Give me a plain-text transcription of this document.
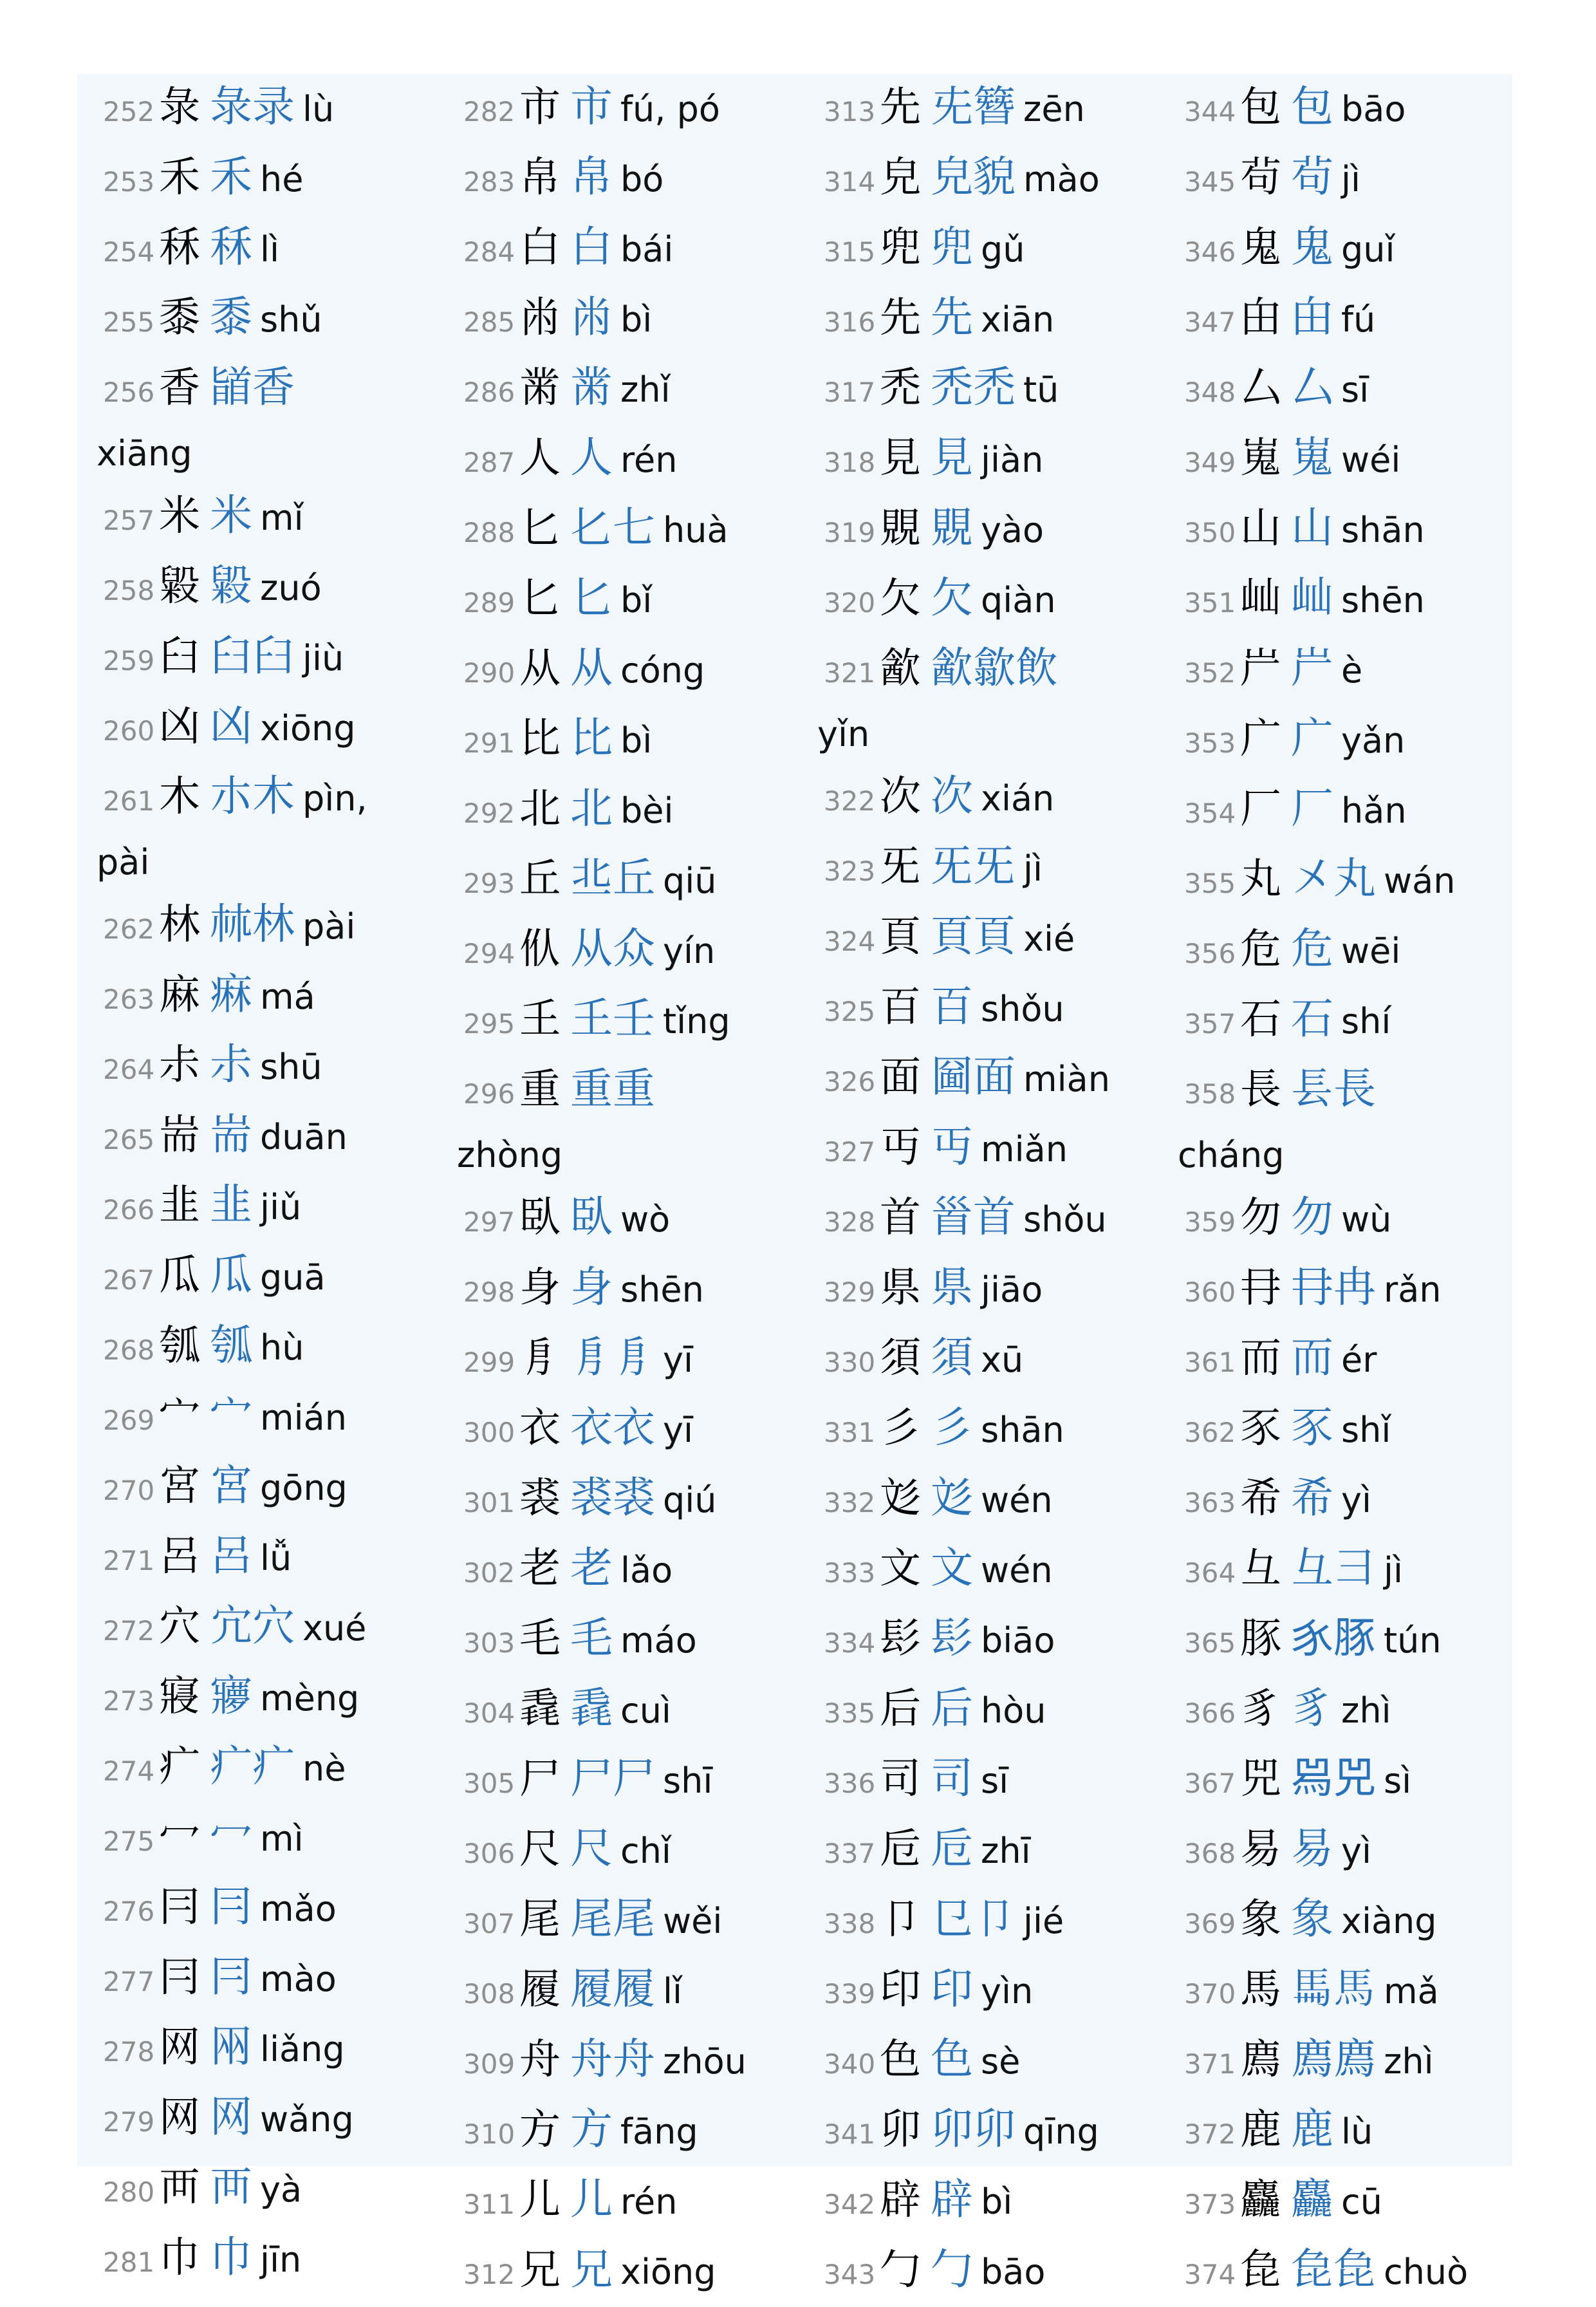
252 彔 彔录 lù
253 禾 禾 hé
254 秝 秝 lì
255 黍 黍 shǔ
256 香 䭫香
xiāng
257 米 米 mǐ
258 毇 毇 zuó
259 臼 臼臼 jiù
260 凶 凶 xiōng
261 木 朩木 pìn,
pài
262 林 𣏟林 pài
263 麻 痳 má
264 尗 尗 shū
265 耑 耑 duān
266 韭 韭 jiǔ
267 瓜 瓜 guā
268 瓠 瓠 hù
269 宀 宀 mián
270 宮 宮 gōng
271 呂 呂 lǚ
272 穴 宂穴 xué
273 寢 㝱 mèng
274 疒 疒疒 nè
275 冖 冖 mì
276 冃 冃 mǎo
277 冃 冃 mào
278 网 㒳 liǎng
279 网 网 wǎng
280 襾 襾 yà
281 巾 巾 jīn
282 市 市 fú, pó
283 帛 帛 bó
284 白 白 bái
285 㡀 㡀 bì
286 黹 黹 zhǐ
287 人 人 rén
288 匕 𠤎七 huà
289 匕 匕 bǐ
290 从 从 cóng
291 比 比 bì
292 北 北 bèi
293 丘 丠丘 qiū
294 㐺 从众 yín
295 𡈼 𡈼壬 tǐng
296 重 重重
zhòng
297 臥 臥 wò
298 身 身 shēn
299 㐆 㐆㐆 yī
300 衣 衣衣 yī
301 裘 裘裘 qiú
302 老 老 lǎo
303 毛 毛 máo
304 毳 毳 cuì
305 尸 尸尸 shī
306 尺 尺 chǐ
307 尾 尾尾 wěi
308 履 履履 lǐ
309 舟 舟舟 zhōu
310 方 方 fāng
311 儿 儿 rén
312 兄 兄 xiōng
313 先 兂簪 zēn
314 皃 皃貌 mào
315 兜 兜 gǔ
316 先 先 xiān
317 禿 禿禿 tū
318 見 見 jiàn
319 覞 覞 yào
320 欠 欠 qiàn
321 㱃 㱃歙飲
yǐn
322 次 次 xián
323 旡 旡旡 jì
324 頁 頁頁 xié
325 百 百 shǒu
326 面 圙面 miàn
327 丏 丏 miǎn
328 首 𩠐首 shǒu
329 県 県 jiāo
330 須 須 xū
331 彡 彡 shān
332 彣 彣 wén
333 文 文 wén
334 髟 髟 biāo
335 后 后 hòu
336 司 司 sī
337 卮 卮 zhī
338 卩 㔾卩 jié
339 印 印 yìn
340 色 色 sè
341 卯 卯卯 qīng
342 辟 辟 bì
343 勹 勹 bāo
344 包 包 bāo
345 茍 茍 jì
346 鬼 鬼 guǐ
347 甶 甶 fú
348 厶 厶 sī
349 嵬 嵬 wéi
350 山 山 shān
351 屾 屾 shēn
352 屵 屵 è
353 广 广 yǎn
354 厂 厂 hǎn
355 丸 㐅丸 wán
356 危 危 wēi
357 石 石 shí
358 長 镸長
cháng
359 勿 勿 wù
360 冄 冄冉 rǎn
361 而 而 ér
362 豕 豕 shǐ
363 希 希 yì
364 彑 彑彐 jì
365 豚 𧰨豚 tún
366 豸 豸 zhì
367 兕 𤉡兕 sì
368 易 易 yì
369 象 象 xiàng
370 馬 𩡧馬 mǎ
371 廌 廌廌 zhì
372 鹿 鹿 lù
373 麤 麤 cū
374 㲋 㲋㲋 chuò
